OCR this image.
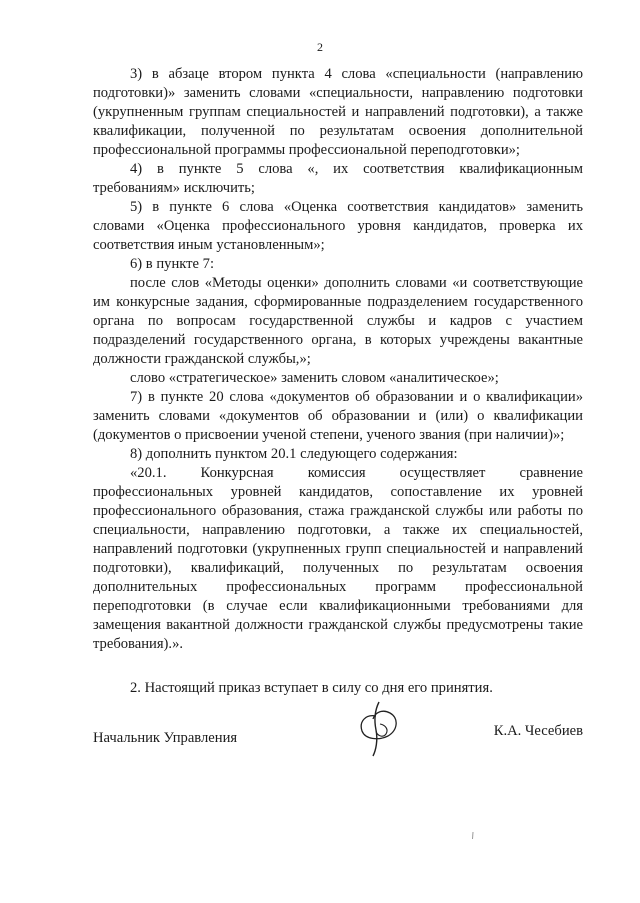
2

3) в абзаце втором пункта 4 слова «специальности (направлению подготовки)» заменить словами «специальности, направлению подготовки (укрупненным группам специальностей и направлений подготовки), а также квалификации, полученной по результатам освоения дополнительной профессиональной программы профессиональной переподготовки»;

4) в пункте 5 слова «, их соответствия квалификационным требованиям» исключить;

5) в пункте 6 слова «Оценка соответствия кандидатов» заменить словами «Оценка профессионального уровня кандидатов, проверка их соответствия иным установленным»;

6) в пункте 7:

после слов «Методы оценки» дополнить словами «и соответствующие им конкурсные задания, сформированные подразделением государственного органа по вопросам государственной службы и кадров с участием подразделений государственного органа, в которых учреждены вакантные должности гражданской службы,»;

слово «стратегическое» заменить словом «аналитическое»;

7) в пункте 20 слова «документов об образовании и о квалификации» заменить словами «документов об образовании и (или) о квалификации (документов о присвоении ученой степени, ученого звания (при наличии)»;

8) дополнить пунктом 20.1 следующего содержания:

«20.1. Конкурсная комиссия осуществляет сравнение профессиональных уровней кандидатов, сопоставление их уровней профессионального образования, стажа гражданской службы или работы по специальности, направлению подготовки, а также их специальностей, направлений подготовки (укрупненных групп специальностей и направлений подготовки), квалификаций, полученных по результатам освоения дополнительных профессиональных программ профессиональной переподготовки (в случае если квалификационными требованиями для замещения вакантной должности гражданской службы предусмотрены такие требования).».

2. Настоящий приказ вступает в силу со дня его принятия.

Начальник Управления	К.А. Чесебиев
